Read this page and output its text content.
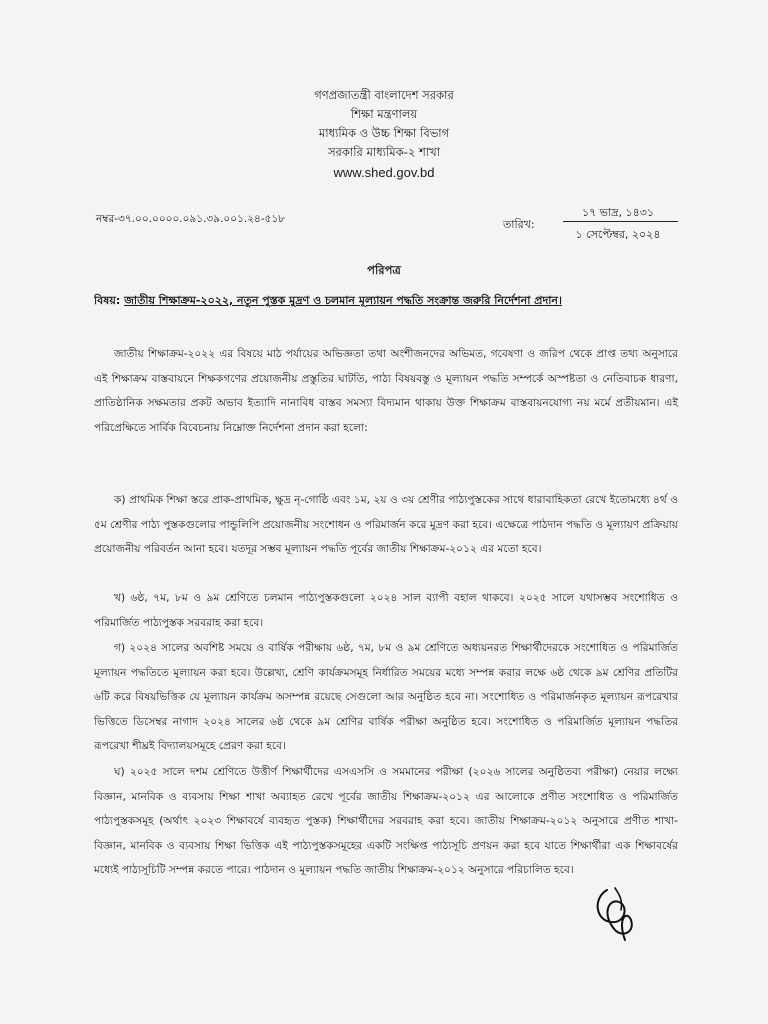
গণপ্রজাতন্ত্রী বাংলাদেশ সরকার
শিক্ষা মন্ত্রণালয়
মাধ্যমিক ও উচ্চ শিক্ষা বিভাগ
সরকারি মাধ্যমিক-২ শাখা
www.shed.gov.bd
নম্বর-৩৭.০০.০০০০.০৯১.৩৯.০০১.২৪-৫১৮	তারিখ:
১৭ ভাদ্র, ১৪৩১
১ সেপ্টেম্বর, ২০২৪
পরিপত্র
বিষয়: জাতীয় শিক্ষাক্রম-২০২২, নতুন পুস্তক মুদ্রণ ও চলমান মূল্যায়ন পদ্ধতি সংক্রান্ত জরুরি নির্দেশনা প্রদান।

জাতীয় শিক্ষাক্রম-২০২২ এর বিষয়ে মাঠ পর্যায়ের অভিজ্ঞতা তথা অংশীজনদের অভিমত, গবেষণা ও জরিপ থেকে প্রাপ্ত তথ্য অনুসারে এই শিক্ষাক্রম বাস্তবায়নে শিক্ষকগণের প্রয়োজনীয় প্রস্তুতির ঘাটতি, পাঠ্য বিষয়বস্তু ও মূল্যায়ন পদ্ধতি সম্পর্কে অস্পষ্টতা ও নেতিবাচক ধারণা, প্রাতিষ্ঠানিক সক্ষমতার প্রকট অভাব ইত্যাদি নানাবিধ বাস্তব সমস্যা বিদ্যমান থাকায় উক্ত শিক্ষাক্রম বাস্তবায়নযোগ্য নয় মর্মে প্রতীয়মান। এই পরিপ্রেক্ষিতে সার্বিক বিবেচনায় নিম্নোক্ত নির্দেশনা প্রদান করা হলো:

ক) প্রাথমিক শিক্ষা স্তরে প্রাক-প্রাথমিক, ক্ষুদ্র নৃ-গোষ্ঠি এবং ১ম, ২য় ও ৩য় শ্রেণীর পাঠ্যপুস্তকের সাথে ধারাবাহিকতা রেখে ইতোমধ্যে ৪র্থ ও ৫ম শ্রেণীর পাঠ্য পুস্তকগুলোর পান্ডুলিপি প্রয়োজনীয় সংশোধন ও পরিমার্জন করে মুদ্রণ করা হবে। এক্ষেত্রে পাঠদান পদ্ধতি ও মূল্যায়ণ প্রক্রিয়ায় প্রয়োজনীয় পরিবর্তন আনা হবে। যতদূর সম্ভব মূল্যায়ন পদ্ধতি পূর্বের জাতীয় শিক্ষাক্রম-২০১২ এর মতো হবে।

খ) ৬ষ্ঠ, ৭ম, ৮ম ও ৯ম শ্রেণিতে চলমান পাঠ্যপুস্তকগুলো ২০২৪ সাল ব্যাপী বহাল থাকবে। ২০২৫ সালে যথাসম্ভব সংশোধিত ও পরিমার্জিত পাঠ্যপুস্তক সরবরাহ করা হবে।

গ) ২০২৪ সালের অবশিষ্ট সময়ে ও বার্ষিক পরীক্ষায় ৬ষ্ঠ, ৭ম, ৮ম ও ৯ম শ্রেণিতে অধ্যয়নরত শিক্ষার্থীদেরকে সংশোধিত ও পরিমার্জিত মূল্যায়ন পদ্ধতিতে মূল্যায়ন করা হবে। উল্লেখ্য, শ্রেণি কার্যক্রমসমূহ নির্ধারিত সময়ের মধ্যে সম্পন্ন করার লক্ষে ৬ষ্ঠ থেকে ৯ম শ্রেণির প্রতিটির ৬টি করে বিষয়ভিত্তিক যে মূল্যায়ন কার্যক্রম অসম্পন্ন রয়েছে সেগুলো আর অনুষ্ঠিত হবে না। সংশোধিত ও পরিমার্জনকৃত মূল্যায়ন রূপরেখার ভিত্তিতে ডিসেম্বর নাগাদ ২০২৪ সালের ৬ষ্ঠ থেকে ৯ম শ্রেণির বার্ষিক পরীক্ষা অনুষ্ঠিত হবে। সংশোধিত ও পরিমার্জিত মূল্যায়ন পদ্ধতির রূপরেখা শীঘ্রই বিদ্যালয়সমূহে প্রেরণ করা হবে।

ঘ) ২০২৫ সালে দশম শ্রেণিতে উত্তীর্ণ শিক্ষার্থীদের এসএসসি ও সমমানের পরীক্ষা (২০২৬ সালের অনুষ্ঠিতব্য পরীক্ষা) নেয়ার লক্ষ্যে বিজ্ঞান, মানবিক ও ব্যবসায় শিক্ষা শাখা অব্যাহত রেখে পূর্বের জাতীয় শিক্ষাক্রম-২০১২ এর আলোকে প্রণীত সংশোধিত ও পরিমার্জিত পাঠ্যপুস্তকসমূহ (অর্থাৎ ২০২৩ শিক্ষাবর্ষে ব্যবহৃত পুস্তক) শিক্ষার্থীদের সরবরাহ করা হবে। জাতীয় শিক্ষাক্রম-২০১২ অনুসারে প্রণীত শাখা-বিজ্ঞান, মানবিক ও ব্যবসায় শিক্ষা ভিত্তিক এই পাঠ্যপুস্তকসমূহের একটি সংক্ষিপ্ত পাঠ্যসূচি প্রণয়ন করা হবে যাতে শিক্ষার্থীরা এক শিক্ষাবর্ষের মধ্যেই পাঠ্যসূচিটি সম্পন্ন করতে পারে। পাঠদান ও মূল্যায়ন পদ্ধতি জাতীয় শিক্ষাক্রম-২০১২ অনুসারে পরিচালিত হবে।
